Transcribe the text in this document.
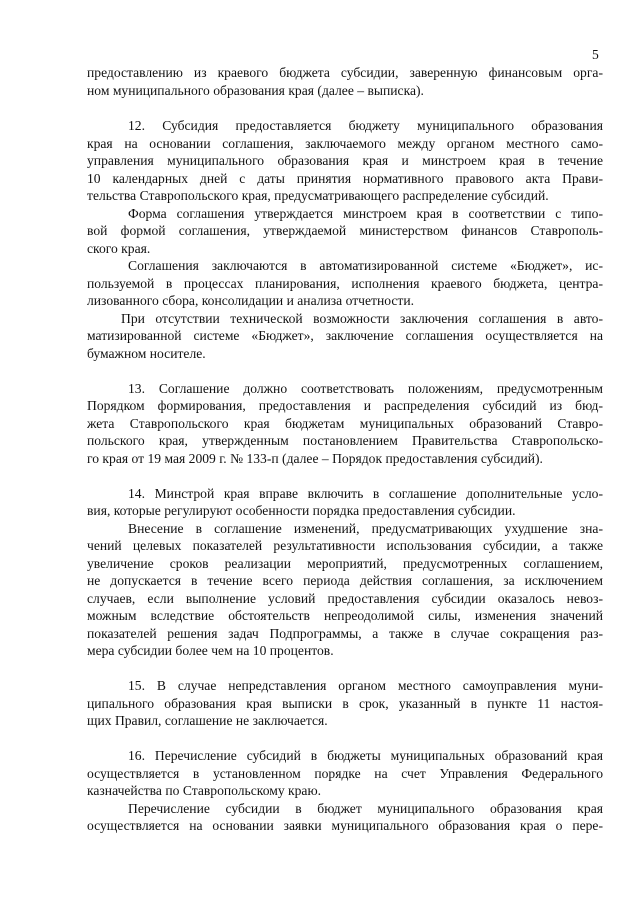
5
предоставлению из краевого бюджета субсидии, заверенную финансовым орга-
ном муниципального образования края (далее – выписка).
12. Субсидия предоставляется бюджету муниципального образования
края на основании соглашения, заключаемого между органом местного само-
управления муниципального образования края и минстроем края в течение
10 календарных дней с даты принятия нормативного правового акта Прави-
тельства Ставропольского края, предусматривающего распределение субсидий.
Форма соглашения утверждается минстроем края в соответствии с типо-
вой формой соглашения, утверждаемой министерством финансов Ставрополь-
ского края.
Соглашения заключаются в автоматизированной системе «Бюджет», ис-
пользуемой в процессах планирования, исполнения краевого бюджета, центра-
лизованного сбора, консолидации и анализа отчетности.
При отсутствии технической возможности заключения соглашения в авто-
матизированной системе «Бюджет», заключение соглашения осуществляется на
бумажном носителе.
13. Соглашение должно соответствовать положениям, предусмотренным
Порядком формирования, предоставления и распределения субсидий из бюд-
жета Ставропольского края бюджетам муниципальных образований Ставро-
польского края, утвержденным постановлением Правительства Ставропольско-
го края от 19 мая 2009 г. № 133-п (далее – Порядок предоставления субсидий).
14. Минстрой края вправе включить в соглашение дополнительные усло-
вия, которые регулируют особенности порядка предоставления субсидии.
Внесение в соглашение изменений, предусматривающих ухудшение зна-
чений целевых показателей результативности использования субсидии, а также
увеличение сроков реализации мероприятий, предусмотренных соглашением,
не допускается в течение всего периода действия соглашения, за исключением
случаев, если выполнение условий предоставления субсидии оказалось невоз-
можным вследствие обстоятельств непреодолимой силы, изменения значений
показателей решения задач Подпрограммы, а также в случае сокращения раз-
мера субсидии более чем на 10 процентов.
15. В случае непредставления органом местного самоуправления муни-
ципального образования края выписки в срок, указанный в пункте 11 настоя-
щих Правил, соглашение не заключается.
16. Перечисление субсидий в бюджеты муниципальных образований края
осуществляется в установленном порядке на счет Управления Федерального
казначейства по Ставропольскому краю.
Перечисление субсидии в бюджет муниципального образования края
осуществляется на основании заявки муниципального образования края о пере-
